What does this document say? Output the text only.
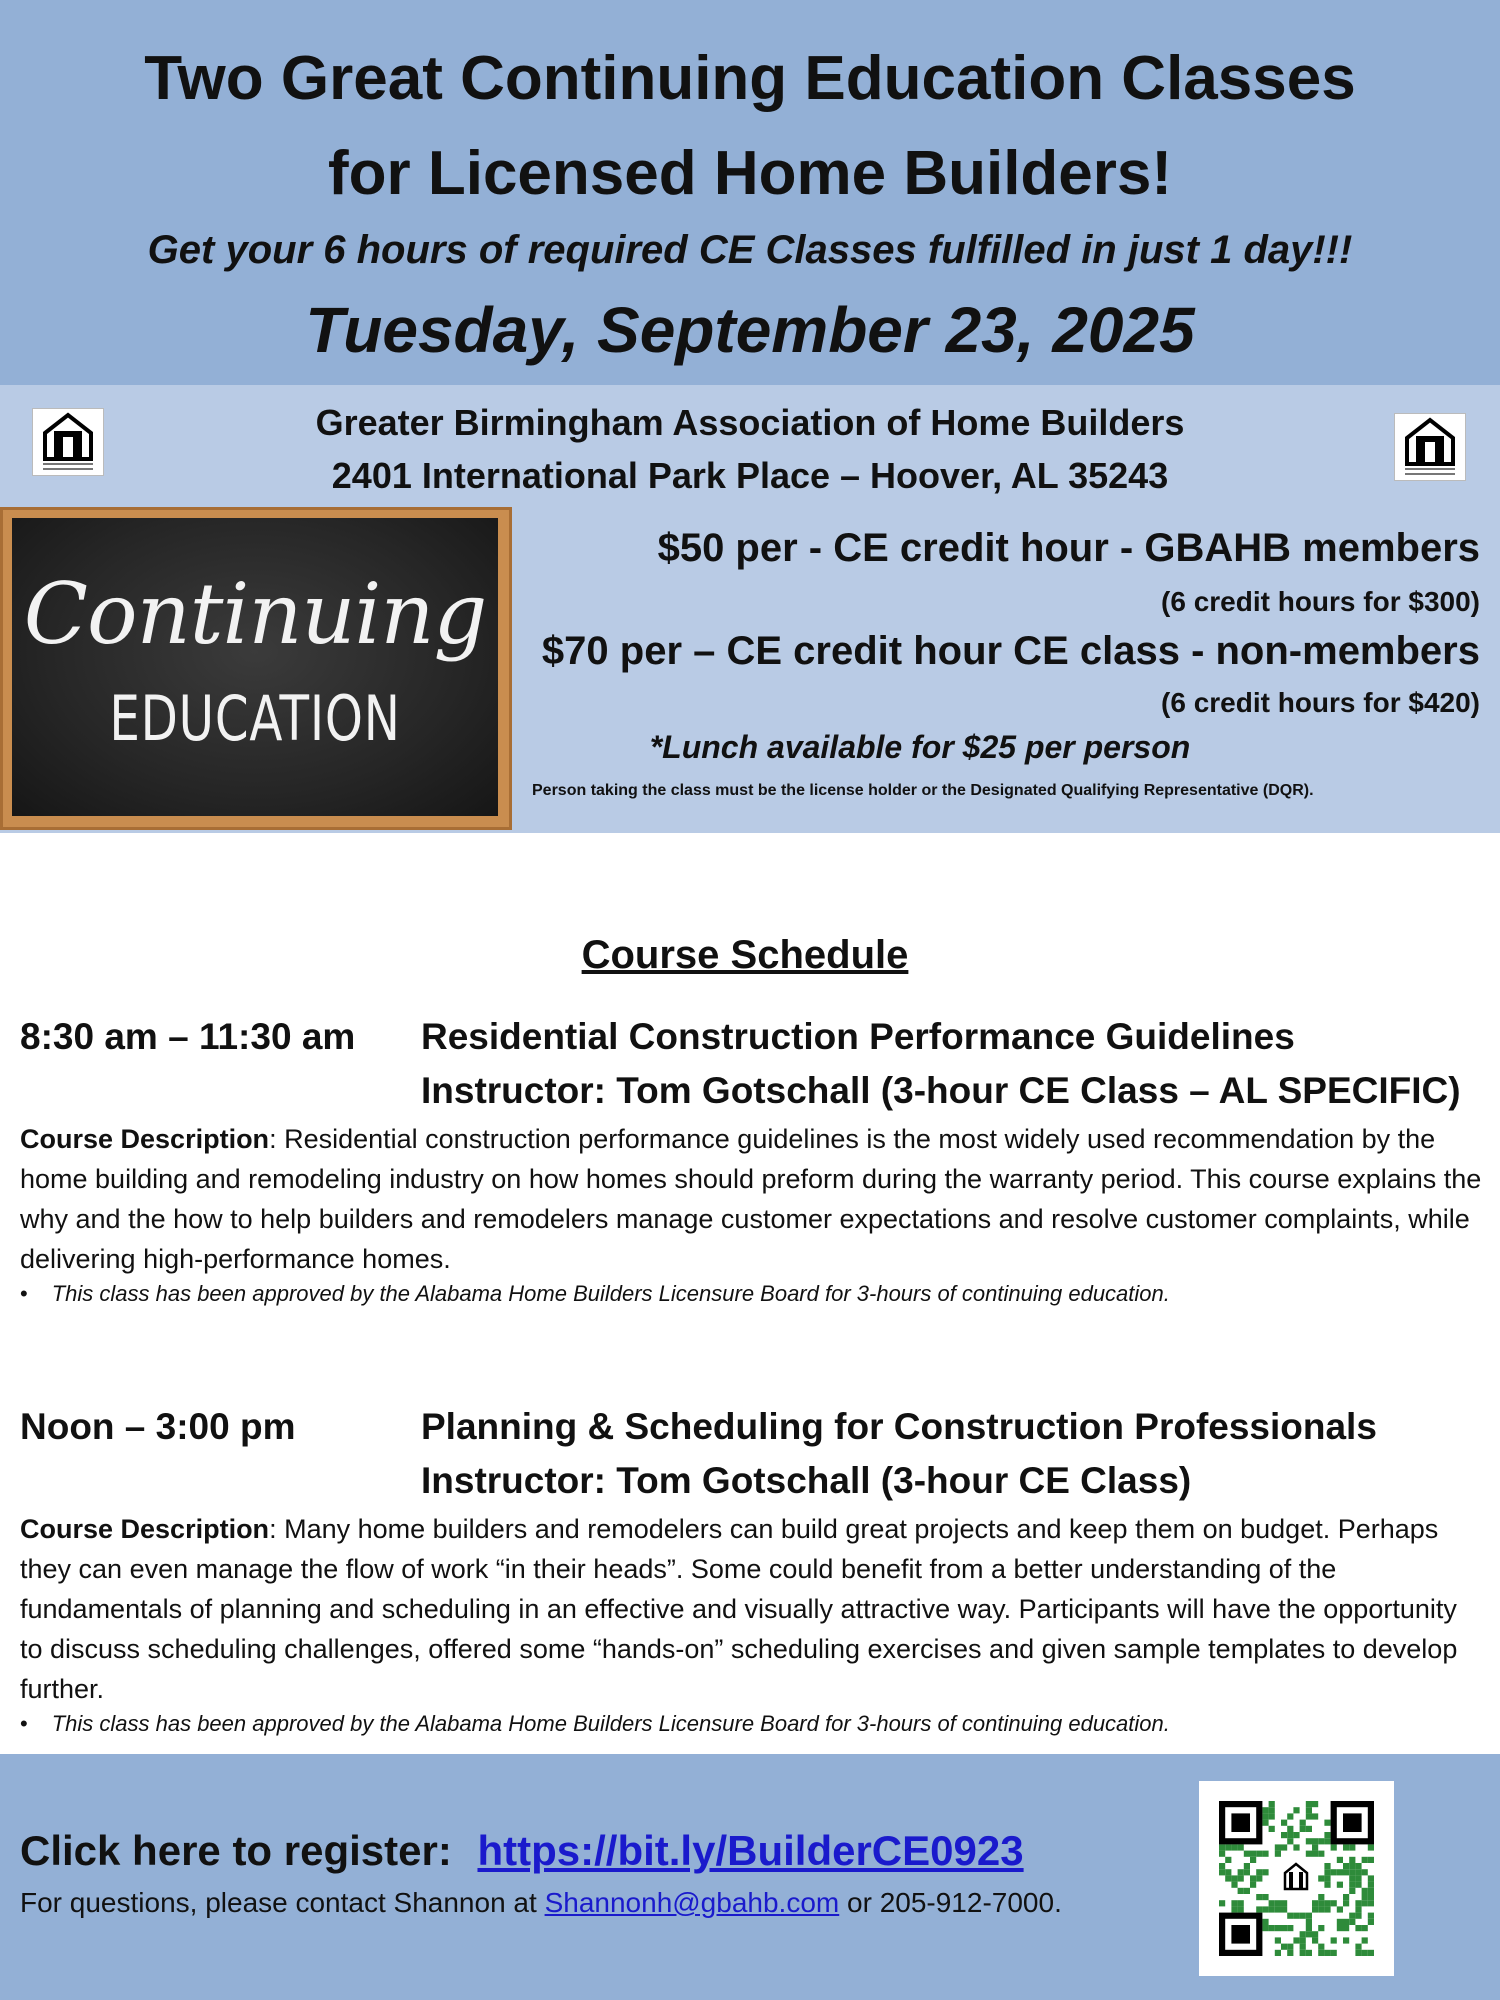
Two Great Continuing Education Classes
for Licensed Home Builders!
Get your 6 hours of required CE Classes fulfilled in just 1 day!!!
Tuesday, September 23, 2025
Greater Birmingham Association of Home Builders
2401 International Park Place – Hoover, AL 35243
Continuing
EDUCATION
$50 per - CE credit hour - GBAHB members
(6 credit hours for $300)
$70 per – CE credit hour CE class - non-members
(6 credit hours for $420)
*Lunch available for $25 per person
Person taking the class must be the license holder or the Designated Qualifying Representative (DQR).
Course Schedule
8:30 am – 11:30 am Residential Construction Performance Guidelines
Instructor: Tom Gotschall (3-hour CE Class – AL SPECIFIC)
Course Description: Residential construction performance guidelines is the most widely used recommendation by the home building and remodeling industry on how homes should preform during the warranty period. This course explains the why and the how to help builders and remodelers manage customer expectations and resolve customer complaints, while delivering high-performance homes.
• This class has been approved by the Alabama Home Builders Licensure Board for 3-hours of continuing education.
Noon – 3:00 pm	Planning & Scheduling for Construction Professionals
Instructor: Tom Gotschall (3-hour CE Class)
Course Description: Many home builders and remodelers can build great projects and keep them on budget. Perhaps they can even manage the flow of work “in their heads”. Some could benefit from a better understanding of the fundamentals of planning and scheduling in an effective and visually attractive way. Participants will have the opportunity to discuss scheduling challenges, offered some “hands-on” scheduling exercises and given sample templates to develop further.
• This class has been approved by the Alabama Home Builders Licensure Board for 3-hours of continuing education.
Click here to register: https://bit.ly/BuilderCE0923
For questions, please contact Shannon at Shannonh@gbahb.com or 205-912-7000.
